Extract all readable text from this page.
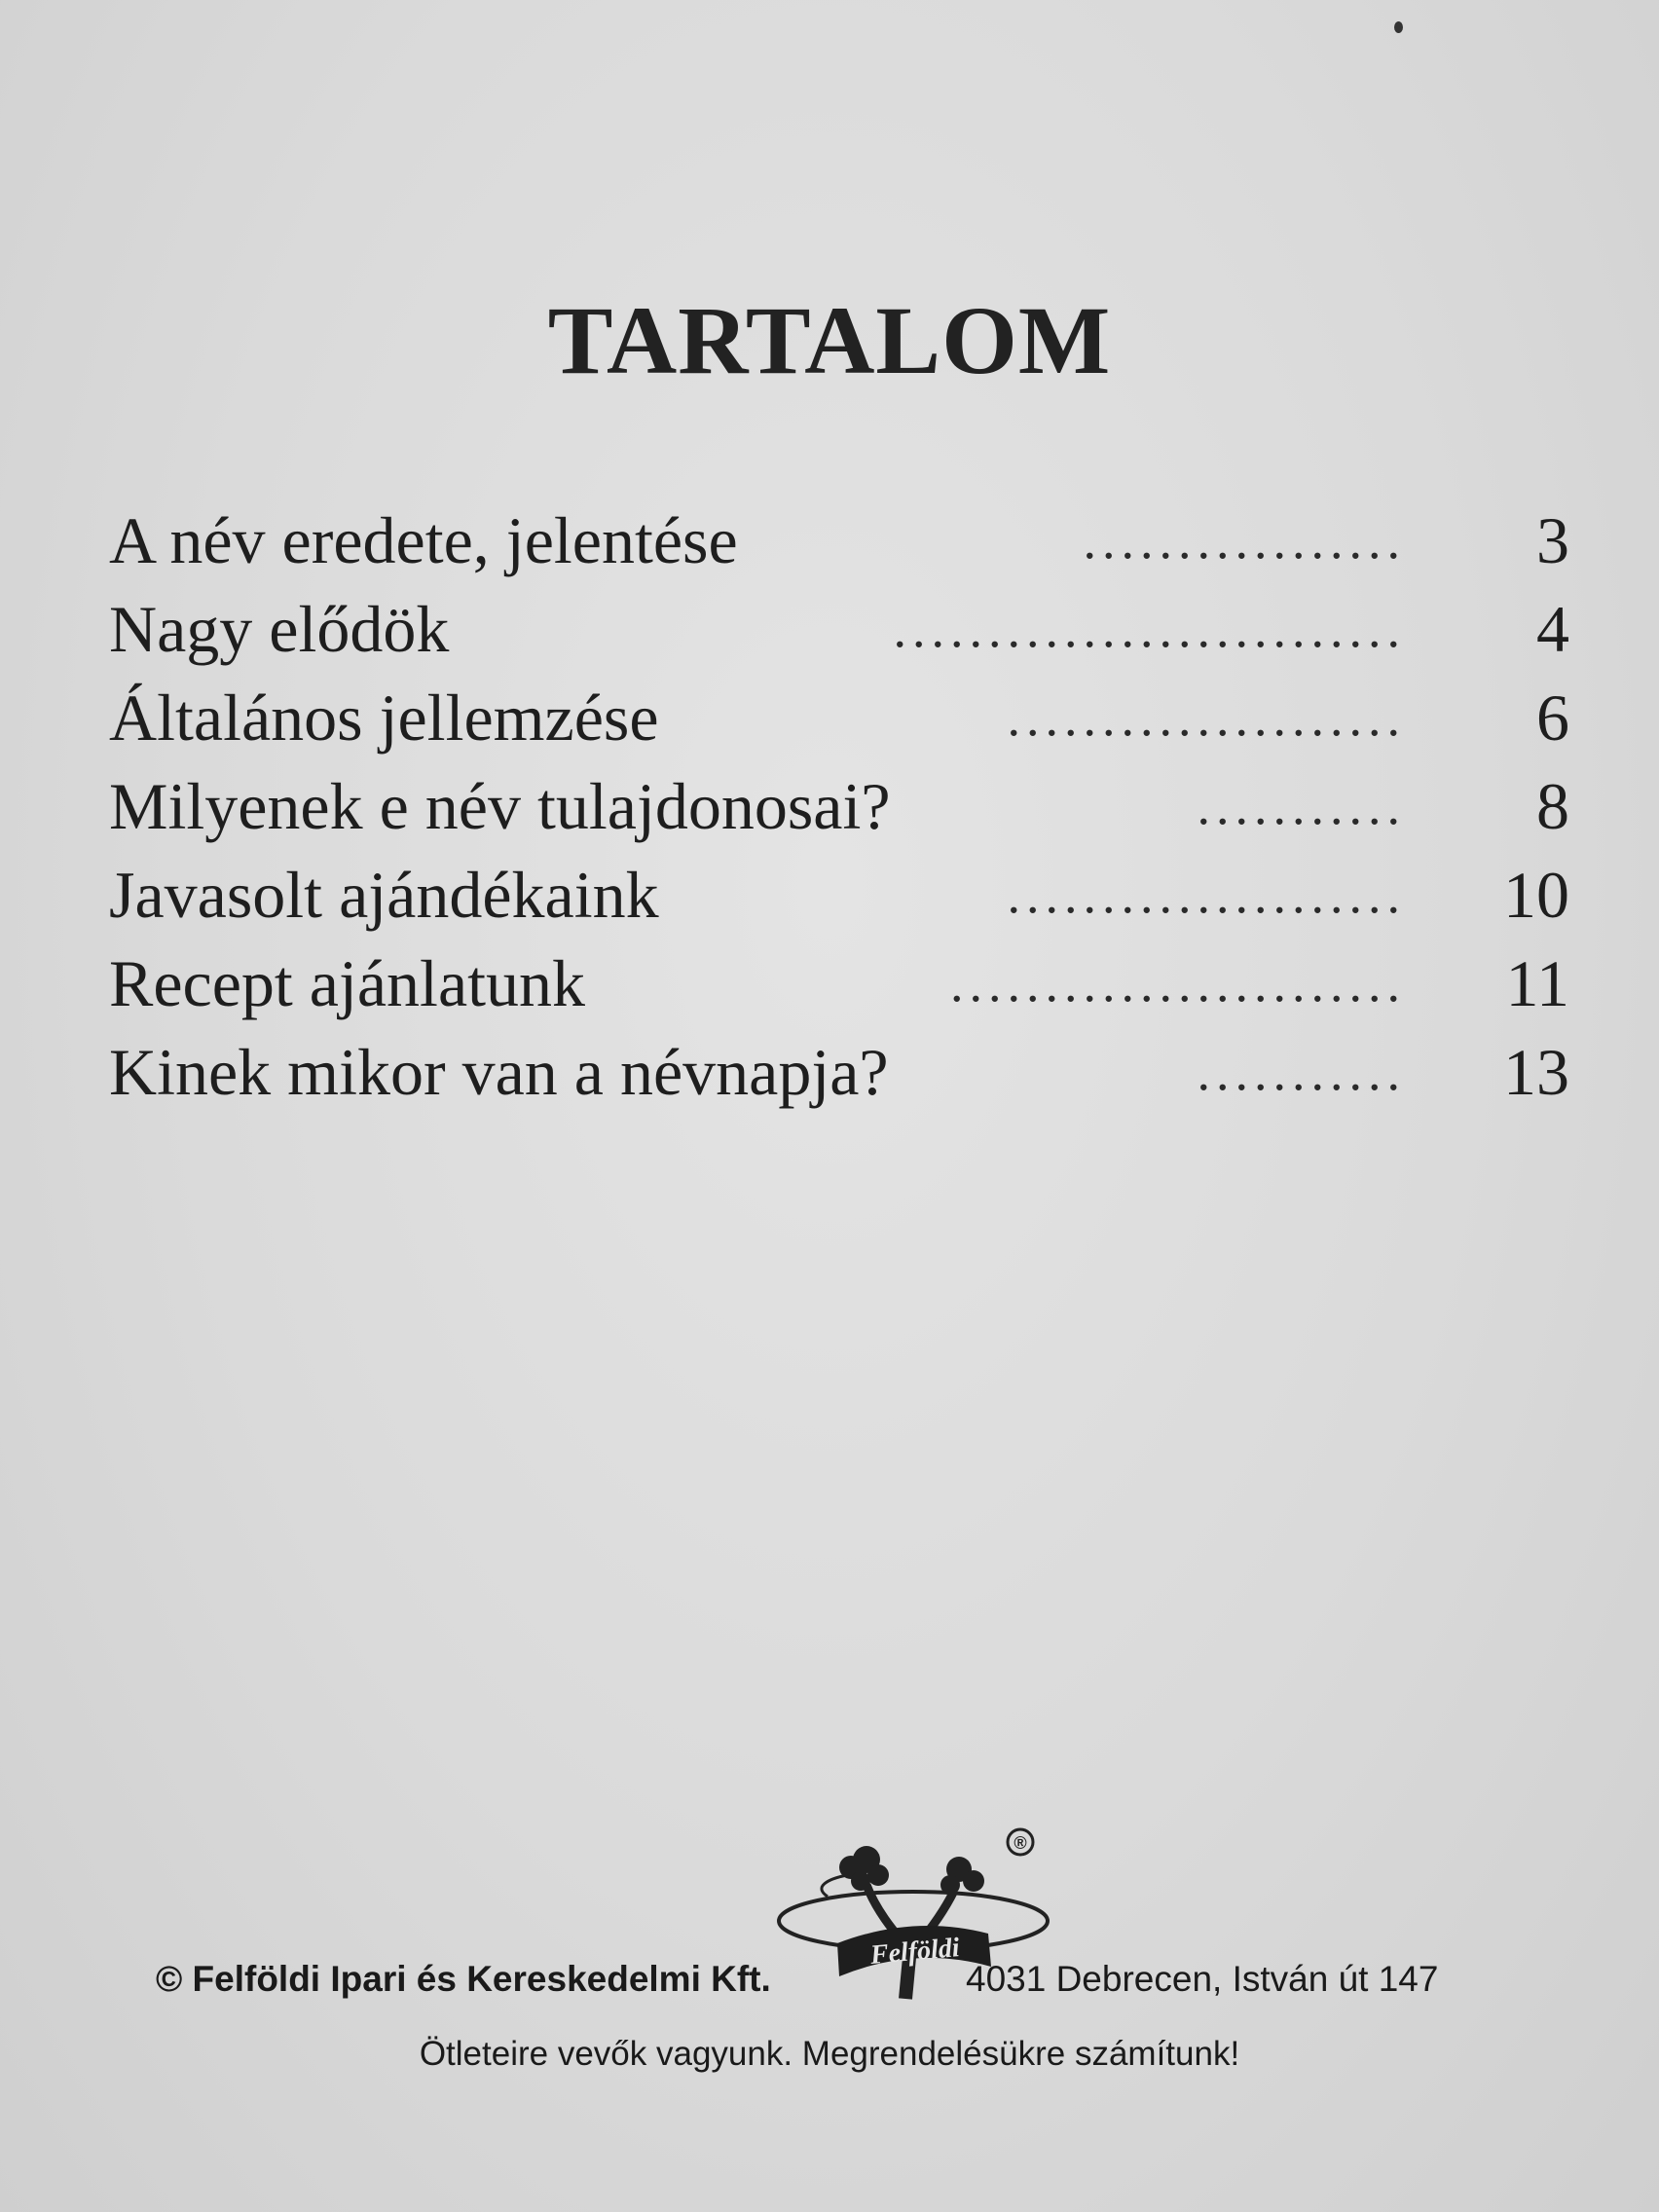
TARTALOM
A név eredete, jelentése	.................	3
Nagy elődök	...........................	4
Általános jellemzése	.....................	6
Milyenek e név tulajdonosai?	...........	8
Javasolt ajándékaink	.....................	10
Recept ajánlatunk	........................	11
Kinek mikor van a névnapja?	...........	13
®
Felföldi
© Felföldi Ipari és Kereskedelmi Kft.	4031 Debrecen, István út 147
Ötleteire vevők vagyunk. Megrendelésükre számítunk!
